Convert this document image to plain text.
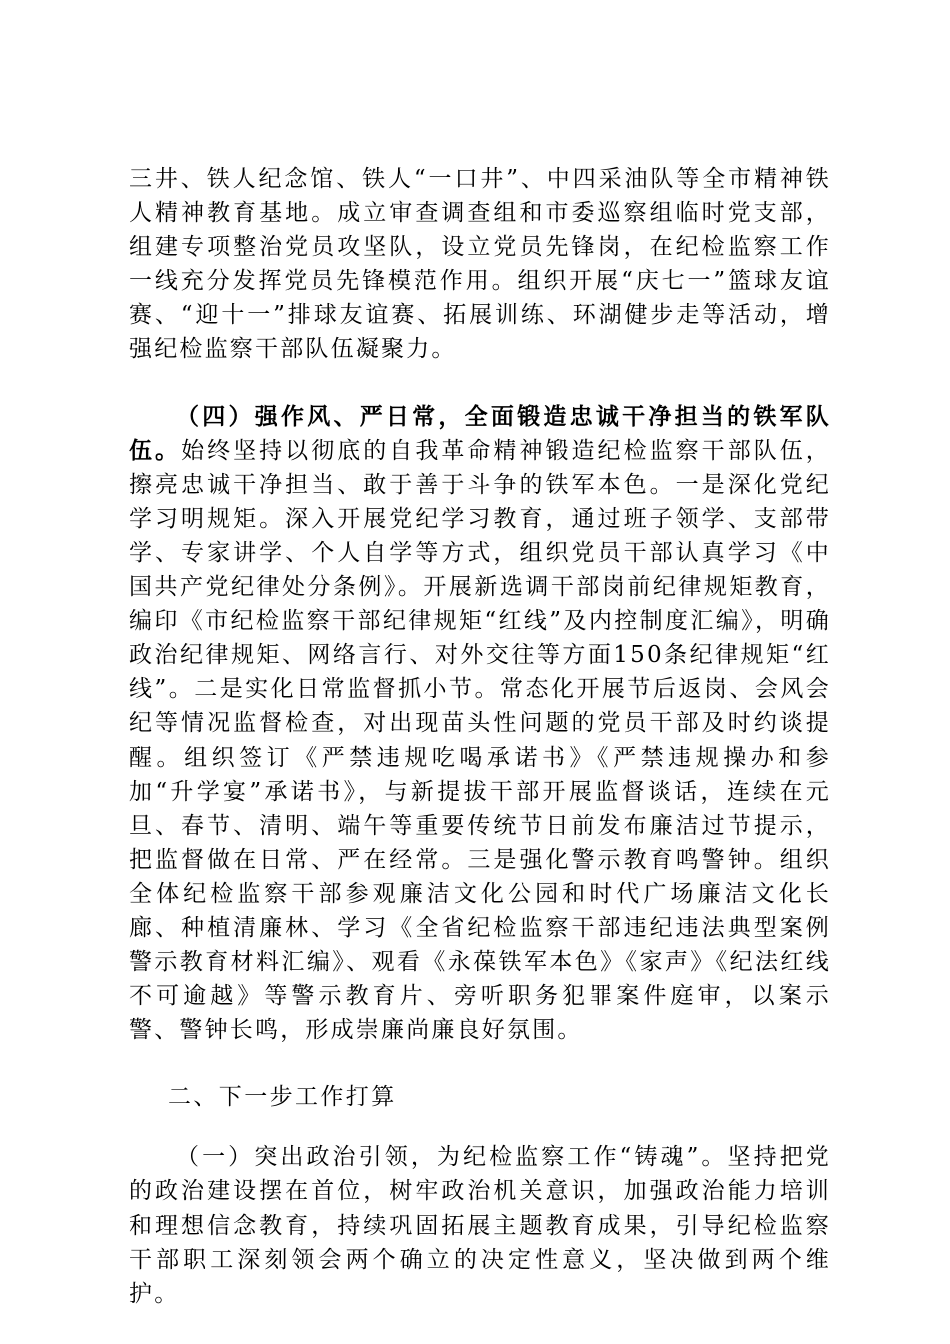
三井、铁人纪念馆、铁人“一口井”、中四采油队等全市精神铁人精神教育基地。成立审查调查组和市委巡察组临时党支部，组建专项整治党员攻坚队，设立党员先锋岗，在纪检监察工作一线充分发挥党员先锋模范作用。组织开展“庆七一”篮球友谊赛、“迎十一”排球友谊赛、拓展训练、环湖健步走等活动，增强纪检监察干部队伍凝聚力。

（四）强作风、严日常，全面锻造忠诚干净担当的铁军队伍。始终坚持以彻底的自我革命精神锻造纪检监察干部队伍，擦亮忠诚干净担当、敢于善于斗争的铁军本色。一是深化党纪学习明规矩。深入开展党纪学习教育，通过班子领学、支部带学、专家讲学、个人自学等方式，组织党员干部认真学习《中国共产党纪律处分条例》。开展新选调干部岗前纪律规矩教育，编印《市纪检监察干部纪律规矩“红线”及内控制度汇编》，明确政治纪律规矩、网络言行、对外交往等方面150条纪律规矩“红线”。二是实化日常监督抓小节。常态化开展节后返岗、会风会纪等情况监督检查，对出现苗头性问题的党员干部及时约谈提醒。组织签订《严禁违规吃喝承诺书》《严禁违规操办和参加“升学宴”承诺书》，与新提拔干部开展监督谈话，连续在元旦、春节、清明、端午等重要传统节日前发布廉洁过节提示，把监督做在日常、严在经常。三是强化警示教育鸣警钟。组织全体纪检监察干部参观廉洁文化公园和时代广场廉洁文化长廊、种植清廉林、学习《全省纪检监察干部违纪违法典型案例警示教育材料汇编》、观看《永葆铁军本色》《家声》《纪法红线不可逾越》等警示教育片、旁听职务犯罪案件庭审，以案示警、警钟长鸣，形成崇廉尚廉良好氛围。

二、下一步工作打算

（一）突出政治引领，为纪检监察工作“铸魂”。坚持把党的政治建设摆在首位，树牢政治机关意识，加强政治能力培训和理想信念教育，持续巩固拓展主题教育成果，引导纪检监察干部职工深刻领会两个确立的决定性意义，坚决做到两个维护。
